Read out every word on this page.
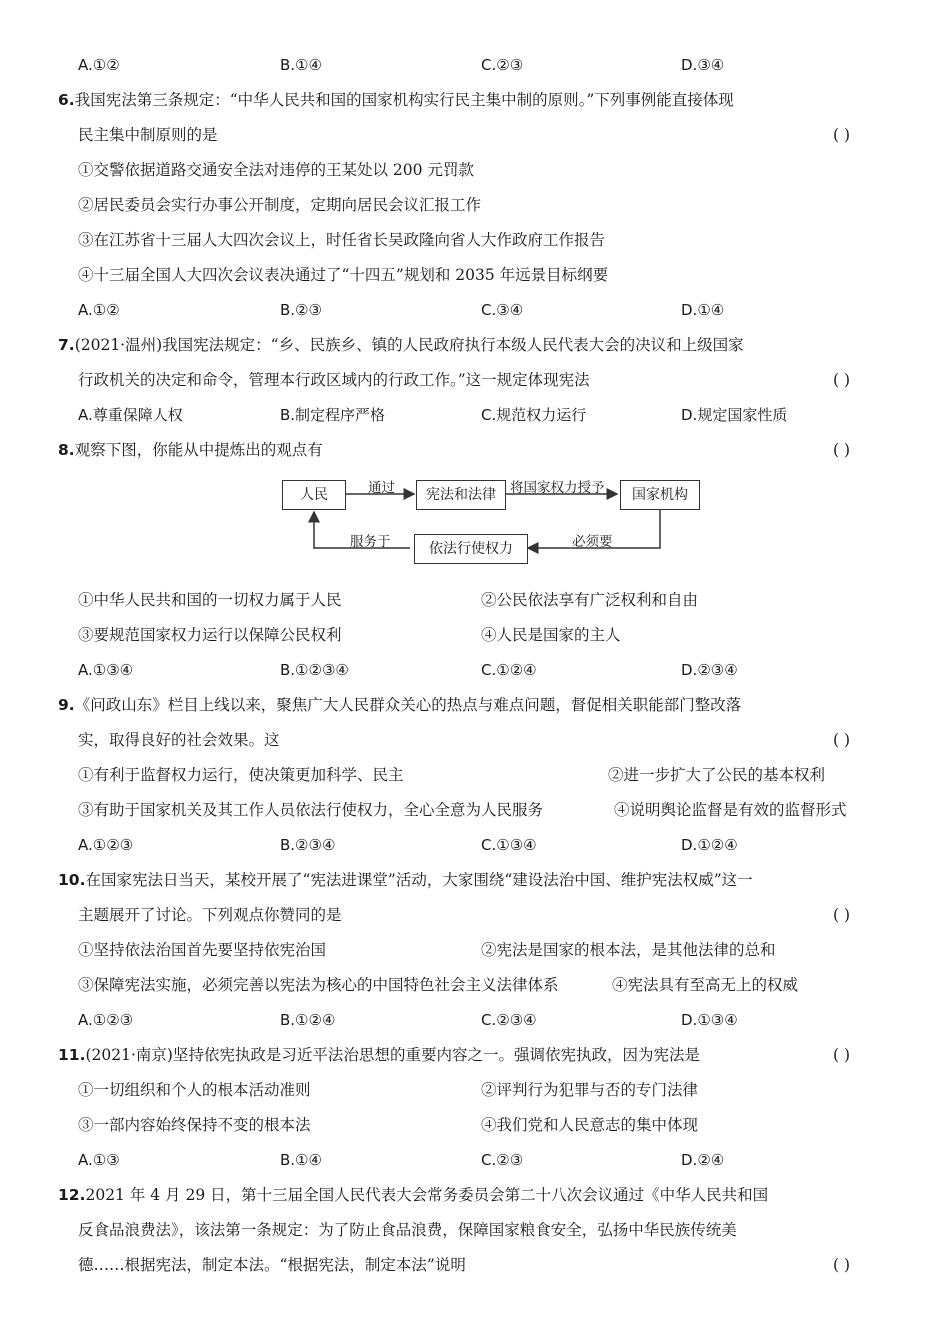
A.①②	B.①④	C.②③	D.③④
6.我国宪法第三条规定：“中华人民共和国的国家机构实行民主集中制的原则。”下列事例能直接体现
民主集中制原则的是	( )
①交警依据道路交通安全法对违停的王某处以 200 元罚款
②居民委员会实行办事公开制度，定期向居民会议汇报工作
③在江苏省十三届人大四次会议上，时任省长吴政隆向省人大作政府工作报告
④十三届全国人大四次会议表决通过了“十四五”规划和 2035 年远景目标纲要
A.①②	B.②③	C.③④	D.①④
7.(2021·温州)我国宪法规定：“乡、民族乡、镇的人民政府执行本级人民代表大会的决议和上级国家
行政机关的决定和命令，管理本行政区域内的行政工作。”这一规定体现宪法	( )
A.尊重保障人权	B.制定程序严格	C.规范权力运行	D.规定国家性质
8.观察下图，你能从中提炼出的观点有	( )
人民	通过	宪法和法律	将国家权力授予	国家机构
必须要
依法行使权力
服务于
①中华人民共和国的一切权力属于人民	②公民依法享有广泛权利和自由
③要规范国家权力运行以保障公民权利	④人民是国家的主人
A.①③④	B.①②③④	C.①②④	D.②③④
9.《问政山东》栏目上线以来，聚焦广大人民群众关心的热点与难点问题，督促相关职能部门整改落
实，取得良好的社会效果。这	( )
①有利于监督权力运行，使决策更加科学、民主	②进一步扩大了公民的基本权利
③有助于国家机关及其工作人员依法行使权力，全心全意为人民服务	④说明舆论监督是有效的监督形式
A.①②③	B.②③④	C.①③④	D.①②④
10.在国家宪法日当天，某校开展了“宪法进课堂”活动，大家围绕“建设法治中国、维护宪法权威”这一
主题展开了讨论。下列观点你赞同的是	( )
①坚持依法治国首先要坚持依宪治国	②宪法是国家的根本法，是其他法律的总和
③保障宪法实施，必须完善以宪法为核心的中国特色社会主义法律体系	④宪法具有至高无上的权威
A.①②③	B.①②④	C.②③④	D.①③④
11.(2021·南京)坚持依宪执政是习近平法治思想的重要内容之一。强调依宪执政，因为宪法是	( )
①一切组织和个人的根本活动准则	②评判行为犯罪与否的专门法律
③一部内容始终保持不变的根本法	④我们党和人民意志的集中体现
A.①③	B.①④	C.②③	D.②④
12.2021 年 4 月 29 日，第十三届全国人民代表大会常务委员会第二十八次会议通过《中华人民共和国
反食品浪费法》，该法第一条规定：为了防止食品浪费，保障国家粮食安全，弘扬中华民族传统美
德……根据宪法，制定本法。“根据宪法，制定本法”说明	( )
